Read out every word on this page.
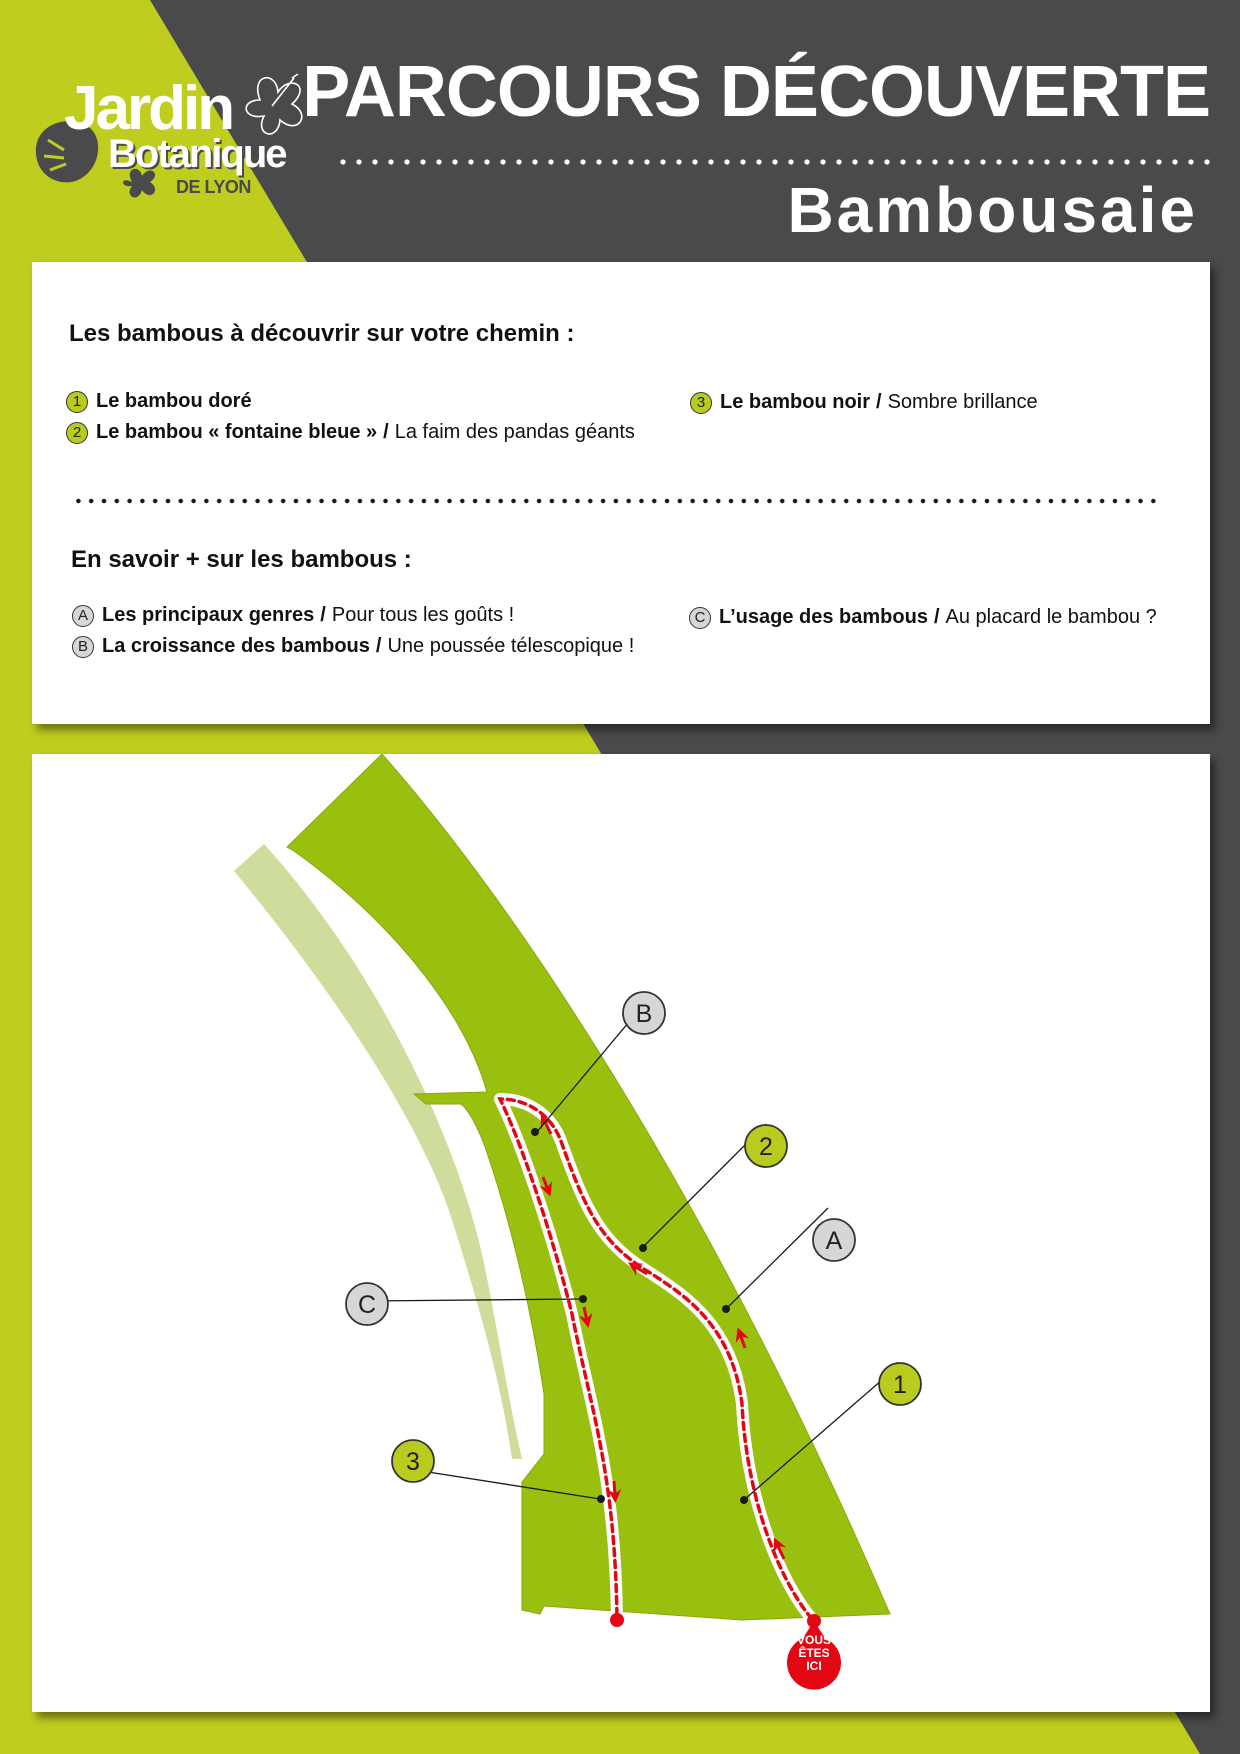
Jardin
Botanique
DE LYON
PARCOURS DÉCOUVERTE
Bambousaie
Les bambous à découvrir sur votre chemin :
1 Le bambou doré
2 Le bambou « fontaine bleue » / La faim des pandas géants
3 Le bambou noir / Sombre brillance
En savoir + sur les bambous :
A Les principaux genres / Pour tous les goûts !
B La croissance des bambous / Une poussée télescopique !
C L’usage des bambous / Au placard le bambou ?
B
2
A
C
1
3
VOUS
ÊTES
ICI
